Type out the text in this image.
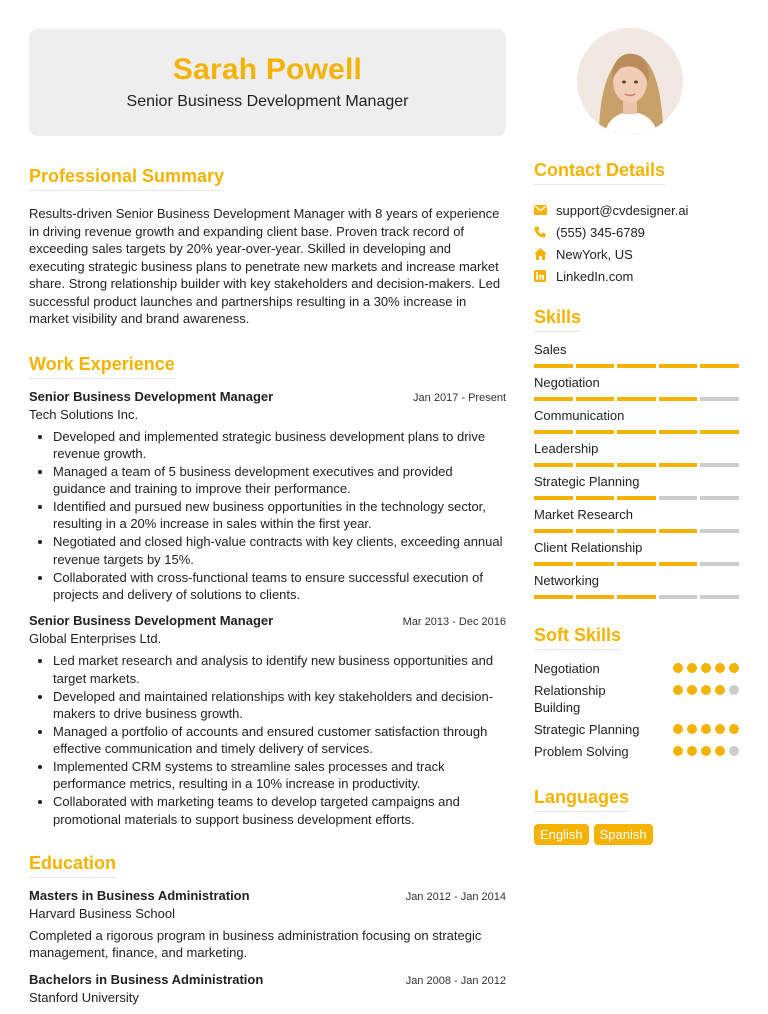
Sarah Powell
Senior Business Development Manager
Professional Summary

Results-driven Senior Business Development Manager with 8 years of experience in driving revenue growth and expanding client base. Proven track record of exceeding sales targets by 20% year-over-year. Skilled in developing and executing strategic business plans to penetrate new markets and increase market share. Strong relationship builder with key stakeholders and decision-makers. Led successful product launches and partnerships resulting in a 30% increase in market visibility and brand awareness.

Work Experience
Senior Business Development Manager	Jan 2017 - Present
Tech Solutions Inc.
Developed and implemented strategic business development plans to drive revenue growth.
Managed a team of 5 business development executives and provided guidance and training to improve their performance.
Identified and pursued new business opportunities in the technology sector, resulting in a 20% increase in sales within the first year.
Negotiated and closed high-value contracts with key clients, exceeding annual revenue targets by 15%.
Collaborated with cross-functional teams to ensure successful execution of projects and delivery of solutions to clients.
Senior Business Development Manager	Mar 2013 - Dec 2016
Global Enterprises Ltd.
Led market research and analysis to identify new business opportunities and target markets.
Developed and maintained relationships with key stakeholders and decision-makers to drive business growth.
Managed a portfolio of accounts and ensured customer satisfaction through effective communication and timely delivery of services.
Implemented CRM systems to streamline sales processes and track performance metrics, resulting in a 10% increase in productivity.
Collaborated with marketing teams to develop targeted campaigns and promotional materials to support business development efforts.
Education
Masters in Business Administration	Jan 2012 - Jan 2014
Harvard Business School

Completed a rigorous program in business administration focusing on strategic management, finance, and marketing.

Bachelors in Business Administration	Jan 2008 - Jan 2012
Stanford University
Contact Details
support@cvdesigner.ai
(555) 345-6789
NewYork, US
LinkedIn.com
Skills
Sales
Negotiation
Communication
Leadership
Strategic Planning
Market Research
Client Relationship
Networking
Soft Skills
Negotiation
Relationship Building
Strategic Planning
Problem Solving
Languages
English	Spanish
